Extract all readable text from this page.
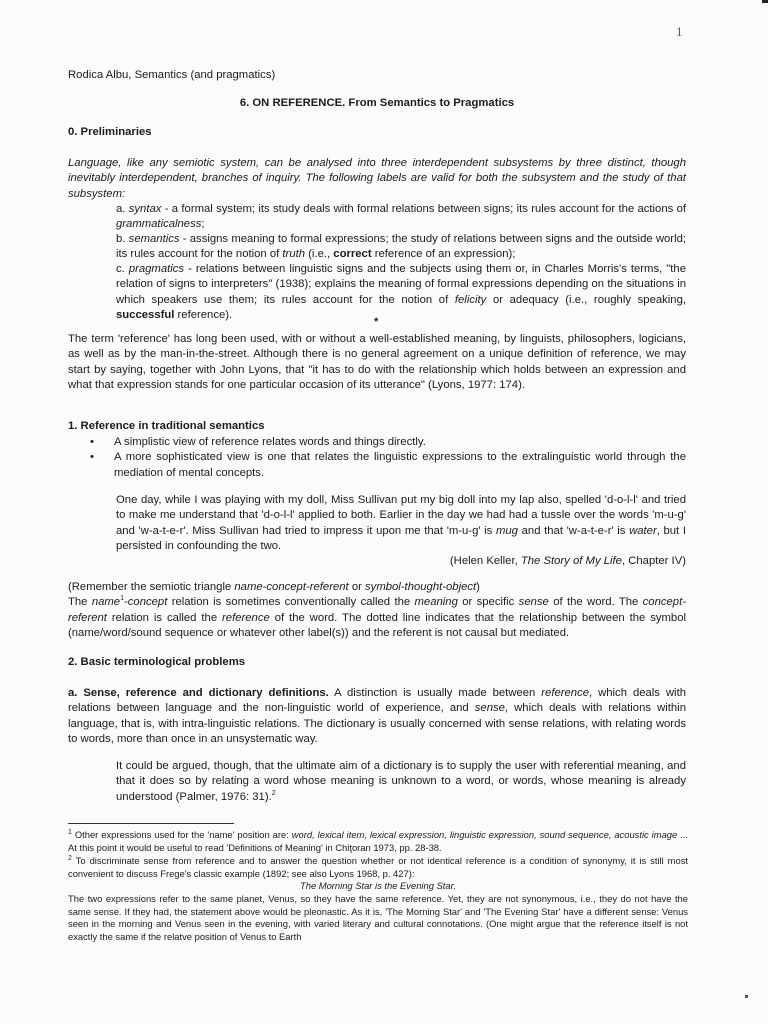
1
Rodica Albu, Semantics (and pragmatics)
6. ON REFERENCE. From Semantics to Pragmatics
0. Preliminaries
Language, like any semiotic system, can be analysed into three interdependent subsystems by three distinct, though inevitably interdependent, branches of inquiry. The following labels are valid for both the subsystem and the study of that subsystem:
a. syntax - a formal system; its study deals with formal relations between signs; its rules account for the actions of grammaticalness;
b. semantics - assigns meaning to formal expressions; the study of relations between signs and the outside world; its rules account for the notion of truth (i.e., correct reference of an expression);
c. pragmatics - relations between linguistic signs and the subjects using them or, in Charles Morris's terms, "the relation of signs to interpreters" (1938); explains the meaning of formal expressions depending on the situations in which speakers use them; its rules account for the notion of felicity or adequacy (i.e., roughly speaking, successful reference).
*
The term 'reference' has long been used, with or without a well-established meaning, by linguists, philosophers, logicians, as well as by the man-in-the-street. Although there is no general agreement on a unique definition of reference, we may start by saying, together with John Lyons, that "it has to do with the relationship which holds between an expression and what that expression stands for one particular occasion of its utterance" (Lyons, 1977: 174).
1. Reference in traditional semantics
• A simplistic view of reference relates words and things directly.
• A more sophisticated view is one that relates the linguistic expressions to the extralinguistic world through the mediation of mental concepts.
One day, while I was playing with my doll, Miss Sullivan put my big doll into my lap also, spelled 'd-o-l-l' and tried to make me understand that 'd-o-l-l' applied to both. Earlier in the day we had had a tussle over the words 'm-u-g' and 'w-a-t-e-r'. Miss Sullivan had tried to impress it upon me that 'm-u-g' is mug and that 'w-a-t-e-r' is water, but I persisted in confounding the two.
(Helen Keller, The Story of My Life, Chapter IV)
(Remember the semiotic triangle name-concept-referent or symbol-thought-object)
The name$^1$-concept relation is sometimes conventionally called the meaning or specific sense of the word. The concept-referent relation is called the reference of the word. The dotted line indicates that the relationship between the symbol (name/word/sound sequence or whatever other label(s)) and the referent is not causal but mediated.
2. Basic terminological problems
a. Sense, reference and dictionary definitions. A distinction is usually made between reference, which deals with relations between language and the non-linguistic world of experience, and sense, which deals with relations within language, that is, with intra-linguistic relations. The dictionary is usually concerned with sense relations, with relating words to words, more than once in an unsystematic way.
It could be argued, though, that the ultimate aim of a dictionary is to supply the user with referential meaning, and that it does so by relating a word whose meaning is unknown to a word, or words, whose meaning is already understood (Palmer, 1976: 31).$^2$
$^1$ Other expressions used for the 'name' position are: word, lexical item, lexical expression, linguistic expression, sound sequence, acoustic image ... At this point it would be useful to read 'Definitions of Meaning' in Chiţoran 1973, pp. 28-38.
$^2$ To discriminate sense from reference and to answer the question whether or not identical reference is a condition of synonymy, it is still most convenient to discuss Frege's classic example (1892; see also Lyons 1968, p. 427):
The Morning Star is the Evening Star.
The two expressions refer to the same planet, Venus, so they have the same reference. Yet, they are not synonymous, i.e., they do not have the same sense. If they had, the statement above would be pleonastic. As it is, 'The Morning Star' and 'The Evening Star' have a different sense: Venus seen in the morning and Venus seen in the evening, with varied literary and cultural connotations. (One might argue that the reference itself is not exactly the same if the relatve position of Venus to Earth
